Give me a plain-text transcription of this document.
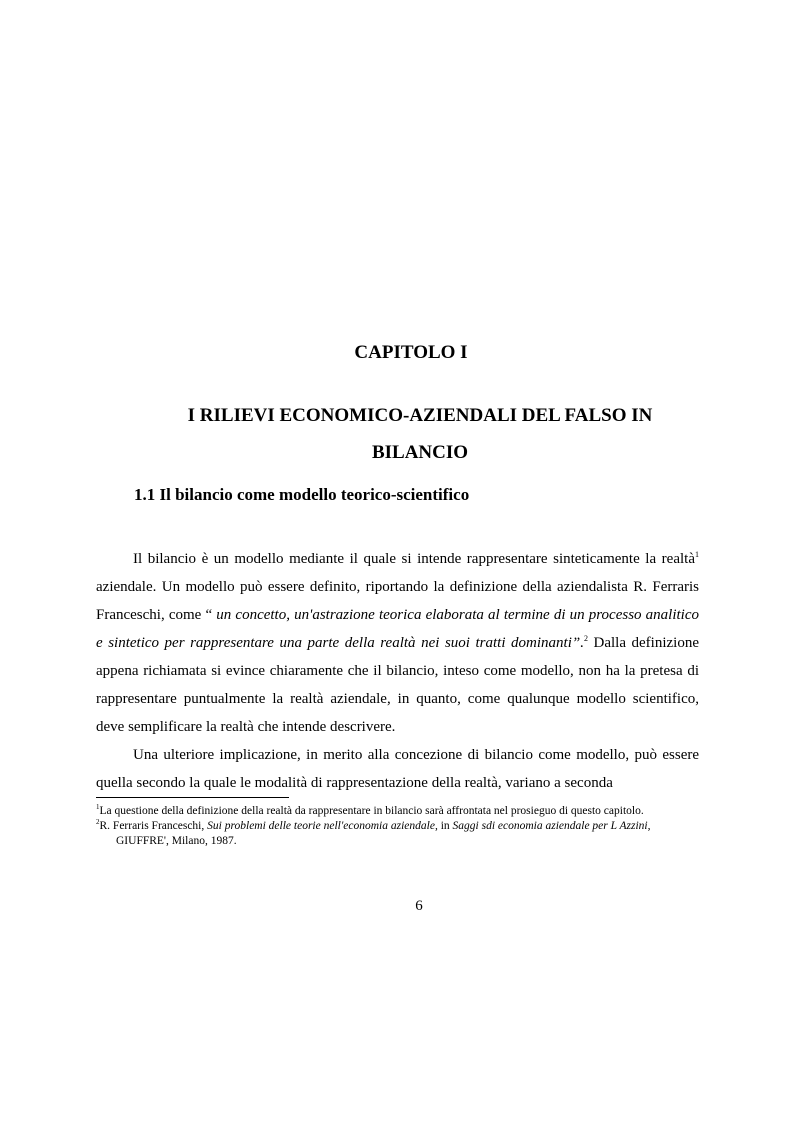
CAPITOLO I
I RILIEVI ECONOMICO-AZIENDALI DEL FALSO IN
BILANCIO
1.1 Il bilancio come modello teorico-scientifico

Il bilancio è un modello mediante il quale si intende rappresentare sinteticamente la realtà$^1$ aziendale. Un modello può essere definito, riportando la definizione della aziendalista R. Ferraris Franceschi, come “ un concetto, un'astrazione teorica elaborata al termine di un processo analitico e sintetico per rappresentare una parte della realtà nei suoi tratti dominanti”.$^2$ Dalla definizione appena richiamata si evince chiaramente che il bilancio, inteso come modello, non ha la pretesa di rappresentare puntualmente la realtà aziendale, in quanto, come qualunque modello scientifico, deve semplificare la realtà che intende descrivere.

Una ulteriore implicazione, in merito alla concezione di bilancio come modello, può essere quella secondo la quale le modalità di rappresentazione della realtà, variano a seconda

$^1$La questione della definizione della realtà da rappresentare in bilancio sarà affrontata nel prosieguo di questo capitolo.

$^2$R. Ferraris Franceschi, Sui problemi delle teorie nell'economia aziendale, in Saggi sdi economia aziendale per L Azzini, GIUFFRE', Milano, 1987.

6
